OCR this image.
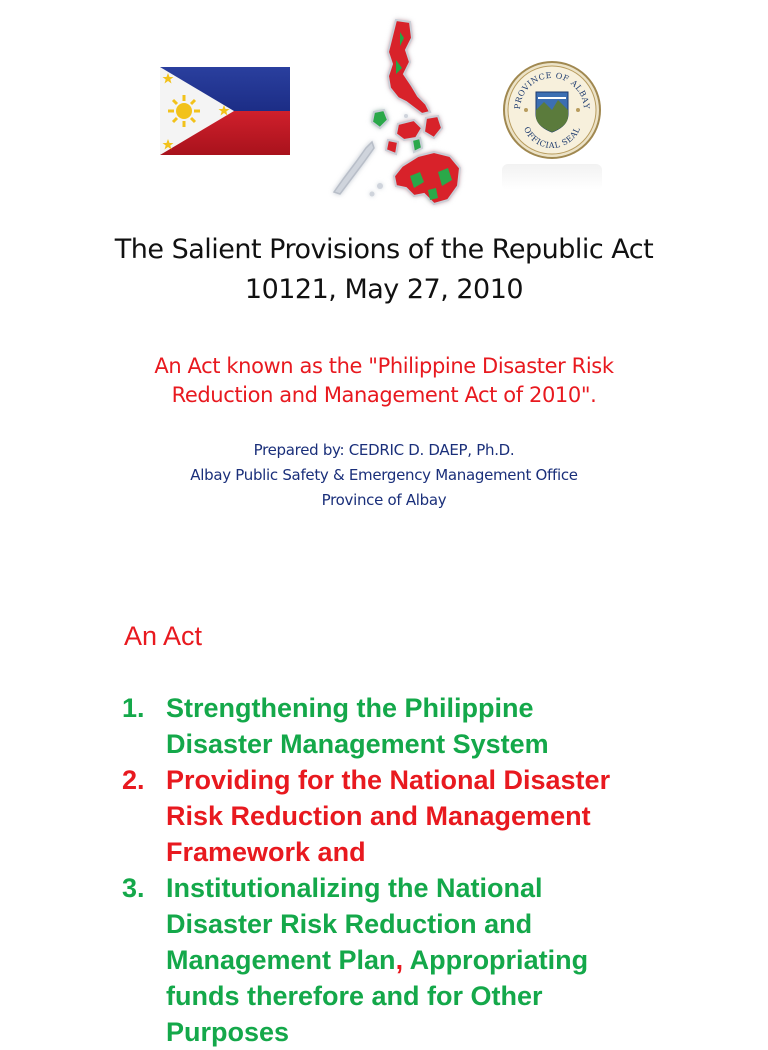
PROVINCE OF ALBAY
OFFICIAL SEAL
The Salient Provisions of the Republic Act
10121, May 27, 2010
An Act known as the "Philippine Disaster Risk
Reduction and Management Act of 2010".
Prepared by: CEDRIC D. DAEP, Ph.D.
Albay Public Safety & Emergency Management Office
Province of Albay
An Act
1. Strengthening the Philippine
Disaster Management System
2. Providing for the National Disaster
Risk Reduction and Management
Framework and
3. Institutionalizing the National
Disaster Risk Reduction and
Management Plan, Appropriating
funds therefore and for Other
Purposes
